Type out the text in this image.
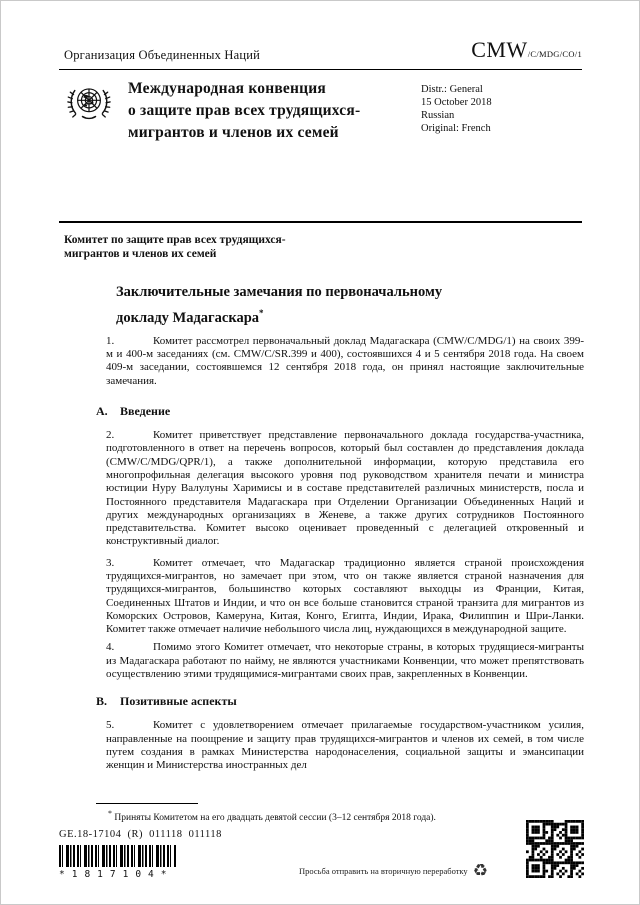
Организация Объединенных Наций	CMW/C/MDG/CO/1
Международная конвенция
о защите прав всех трудящихся-
мигрантов и членов их семей
Distr.: General
15 October 2018
Russian
Original: French
Комитет по защите прав всех трудящихся-
мигрантов и членов их семей
Заключительные замечания по первоначальному докладу Мадагаскара*

1.	Комитет рассмотрел первоначальный доклад Мадагаскара (CMW/C/MDG/1) на своих 399-м и 400-м заседаниях (см. CMW/C/SR.399 и 400), состоявшихся 4 и 5 сентября 2018 года. На своем 409-м заседании, состоявшемся 12 сентября 2018 года, он принял настоящие заключительные замечания.

A. Введение

2.	Комитет приветствует представление первоначального доклада государства-участника, подготовленного в ответ на перечень вопросов, который был составлен до представления доклада (CMW/C/MDG/QPR/1), а также дополнительной информации, которую представила его многопрофильная делегация высокого уровня под руководством хранителя печати и министра юстиции Нуру Валулуны Харимисы и в составе представителей различных министерств, посла и Постоянного представителя Мадагаскара при Отделении Организации Объединенных Наций и других международных организациях в Женеве, а также других сотрудников Постоянного представительства. Комитет высоко оценивает проведенный с делегацией откровенный и конструктивный диалог.

3.	Комитет отмечает, что Мадагаскар традиционно является страной происхождения трудящихся-мигрантов, но замечает при этом, что он также является страной назначения для трудящихся-мигрантов, большинство которых составляют выходцы из Франции, Китая, Соединенных Штатов и Индии, и что он все больше становится страной транзита для мигрантов из Коморских Островов, Камеруна, Китая, Конго, Египта, Индии, Ирака, Филиппин и Шри-Ланки. Комитет также отмечает наличие небольшого числа лиц, нуждающихся в международной защите.

4.	Помимо этого Комитет отмечает, что некоторые страны, в которых трудящиеся-мигранты из Мадагаскара работают по найму, не являются участниками Конвенции, что может препятствовать осуществлению этими трудящимися-мигрантами своих прав, закрепленных в Конвенции.

B. Позитивные аспекты

5.	Комитет с удовлетворением отмечает прилагаемые государством-участником усилия, направленные на поощрение и защиту прав трудящихся-мигрантов и членов их семей, в том числе путем создания в рамках Министерства народонаселения, социальной защиты и эмансипации женщин и Министерства иностранных дел

* Приняты Комитетом на его двадцать девятой сессии (3–12 сентября 2018 года).
GE.18-17104 (R) 011118 011118
*1817104*	Просьба отправить на вторичную переработку ♻
